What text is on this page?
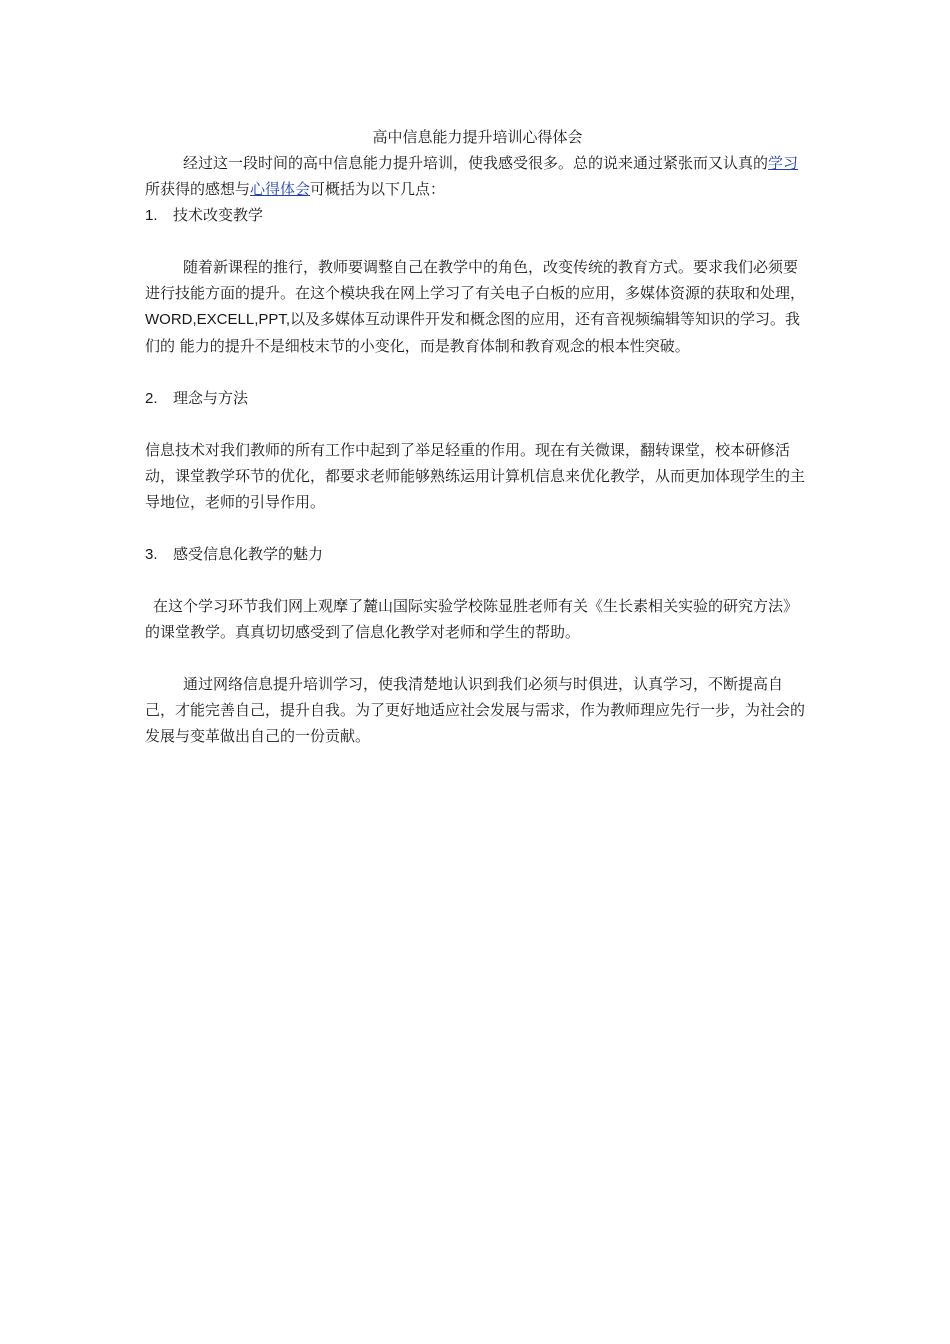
高中信息能力提升培训心得体会

经过这一段时间的高中信息能力提升培训，使我感受很多。总的说来通过紧张而又认真的学习所获得的感想与心得体会可概括为以下几点：

1. 技术改变教学

随着新课程的推行，教师要调整自己在教学中的角色，改变传统的教育方式。要求我们必须要进行技能方面的提升。在这个模块我在网上学习了有关电子白板的应用，多媒体资源的获取和处理，WORD,EXCELL,PPT,以及多媒体互动课件开发和概念图的应用，还有音视频编辑等知识的学习。我们的 能力的提升不是细枝末节的小变化，而是教育体制和教育观念的根本性突破。

2. 理念与方法

信息技术对我们教师的所有工作中起到了举足轻重的作用。现在有关微课，翻转课堂，校本研修活动，课堂教学环节的优化，都要求老师能够熟练运用计算机信息来优化教学，从而更加体现学生的主导地位，老师的引导作用。

3. 感受信息化教学的魅力

在这个学习环节我们网上观摩了麓山国际实验学校陈显胜老师有关《生长素相关实验的研究方法》的课堂教学。真真切切感受到了信息化教学对老师和学生的帮助。

通过网络信息提升培训学习，使我清楚地认识到我们必须与时俱进，认真学习，不断提高自己，才能完善自己，提升自我。为了更好地适应社会发展与需求，作为教师理应先行一步，为社会的发展与变革做出自己的一份贡献。
